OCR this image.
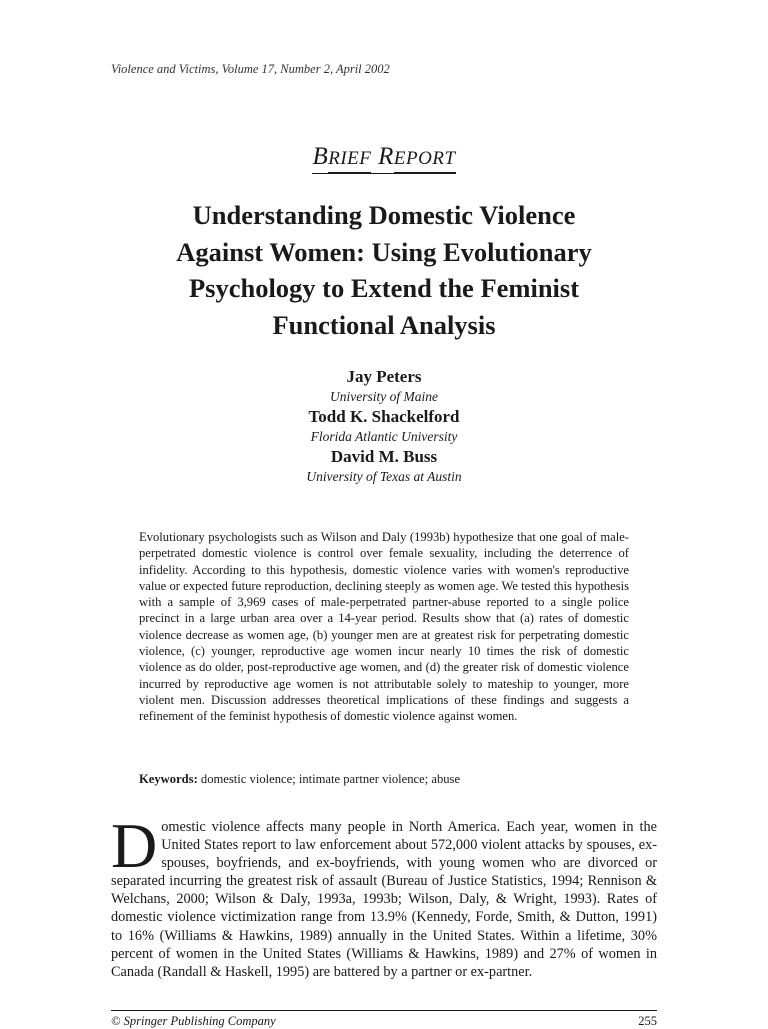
Violence and Victims, Volume 17, Number 2, April 2002
BRIEF REPORT
Understanding Domestic Violence
Against Women: Using Evolutionary
Psychology to Extend the Feminist
Functional Analysis
Jay Peters
University of Maine
Todd K. Shackelford
Florida Atlantic University
David M. Buss
University of Texas at Austin
Evolutionary psychologists such as Wilson and Daly (1993b) hypothesize that one goal of male-perpetrated domestic violence is control over female sexuality, including the deterrence of infidelity. According to this hypothesis, domestic violence varies with women's reproductive value or expected future reproduction, declining steeply as women age. We tested this hypothesis with a sample of 3,969 cases of male-perpetrated partner-abuse reported to a single police precinct in a large urban area over a 14-year period. Results show that (a) rates of domestic violence decrease as women age, (b) younger men are at greatest risk for perpetrating domestic violence, (c) younger, reproductive age women incur nearly 10 times the risk of domestic violence as do older, post-reproductive age women, and (d) the greater risk of domestic violence incurred by reproductive age women is not attributable solely to mateship to younger, more violent men. Discussion addresses theoretical implications of these findings and suggests a refinement of the feminist hypothesis of domestic violence against women.
Keywords: domestic violence; intimate partner violence; abuse
Domestic violence affects many people in North America. Each year, women in the United States report to law enforcement about 572,000 violent attacks by spouses, ex-spouses, boyfriends, and ex-boyfriends, with young women who are divorced or separated incurring the greatest risk of assault (Bureau of Justice Statistics, 1994; Rennison & Welchans, 2000; Wilson & Daly, 1993a, 1993b; Wilson, Daly, & Wright, 1993). Rates of domestic violence victimization range from 13.9% (Kennedy, Forde, Smith, & Dutton, 1991) to 16% (Williams & Hawkins, 1989) annually in the United States. Within a lifetime, 30% percent of women in the United States (Williams & Hawkins, 1989) and 27% of women in Canada (Randall & Haskell, 1995) are battered by a partner or ex-partner.
© Springer Publishing Company	255
